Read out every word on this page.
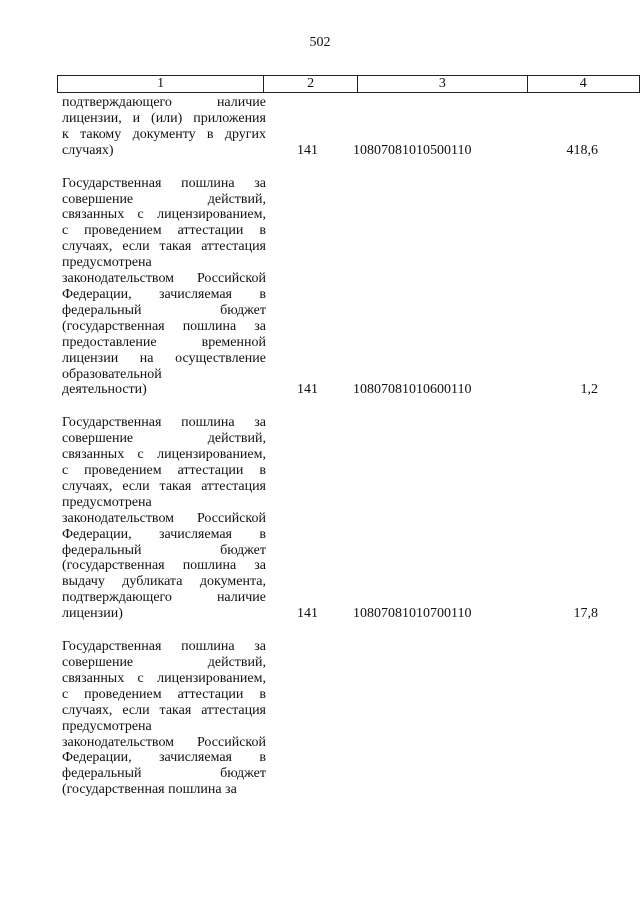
502
1	2	3	4
подтверждающего наличие
лицензии, и (или) приложения
к такому документу в других
случаях)	141	10807081010500110	418,6
Государственная пошлина за
совершение действий,
связанных с лицензированием,
с проведением аттестации в
случаях, если такая аттестация
предусмотрена
законодательством Российской
Федерации, зачисляемая в
федеральный бюджет
(государственная пошлина за
предоставление временной
лицензии на осуществление
образовательной
деятельности)	141	10807081010600110	1,2
Государственная пошлина за
совершение действий,
связанных с лицензированием,
с проведением аттестации в
случаях, если такая аттестация
предусмотрена
законодательством Российской
Федерации, зачисляемая в
федеральный бюджет
(государственная пошлина за
выдачу дубликата документа,
подтверждающего наличие
лицензии)	141	10807081010700110	17,8
Государственная пошлина за
совершение действий,
связанных с лицензированием,
с проведением аттестации в
случаях, если такая аттестация
предусмотрена
законодательством Российской
Федерации, зачисляемая в
федеральный бюджет
(государственная пошлина за
